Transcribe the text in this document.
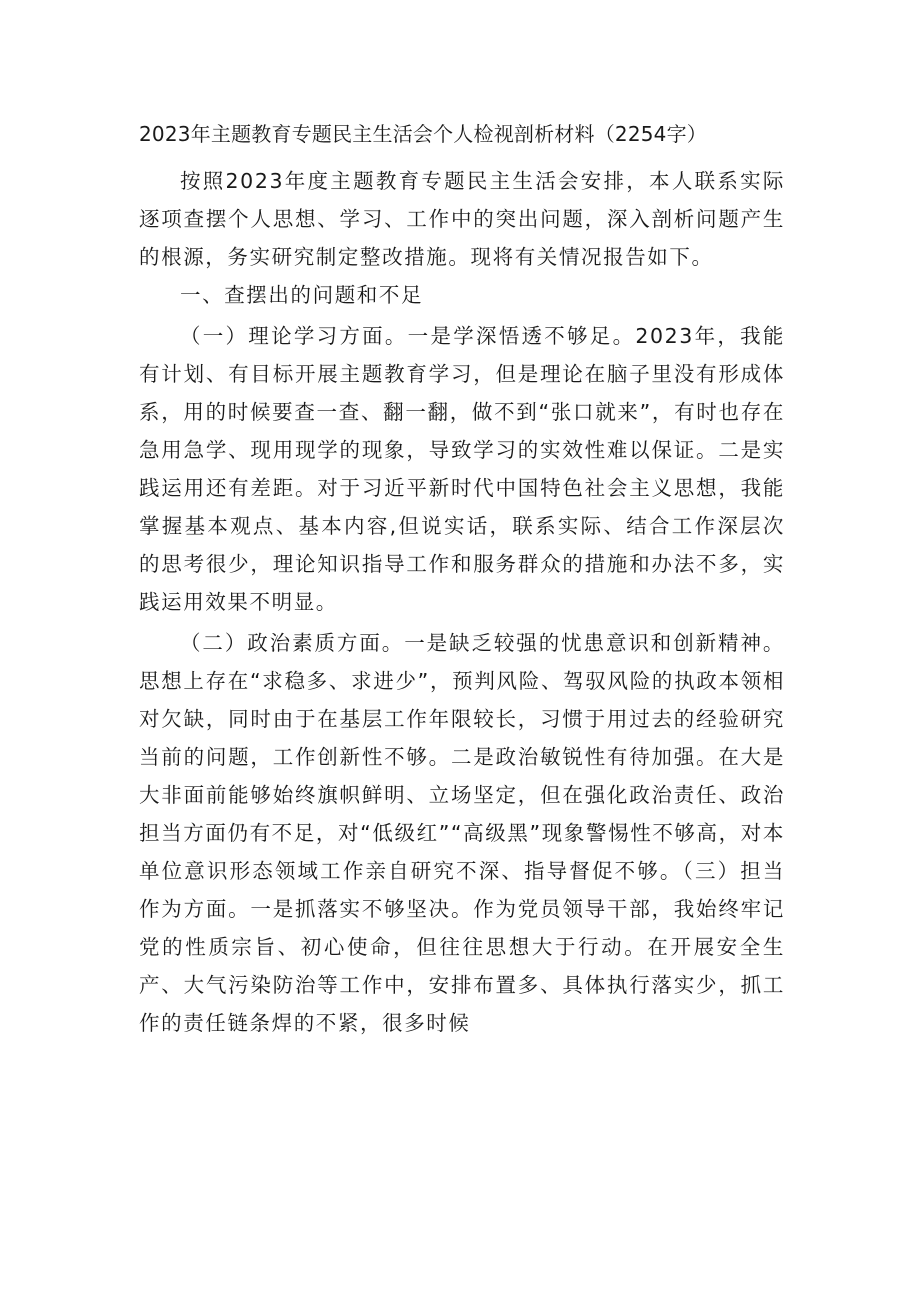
2023年主题教育专题民主生活会个人检视剖析材料（2254字）

按照2023年度主题教育专题民主生活会安排，本人联系实际逐项查摆个人思想、学习、工作中的突出问题，深入剖析问题产生的根源，务实研究制定整改措施。现将有关情况报告如下。

一、查摆出的问题和不足

（一）理论学习方面。一是学深悟透不够足。2023年，我能有计划、有目标开展主题教育学习，但是理论在脑子里没有形成体系，用的时候要查一查、翻一翻，做不到“张口就来”，有时也存在急用急学、现用现学的现象，导致学习的实效性难以保证。二是实践运用还有差距。对于习近平新时代中国特色社会主义思想，我能掌握基本观点、基本内容,但说实话，联系实际、结合工作深层次的思考很少，理论知识指导工作和服务群众的措施和办法不多，实践运用效果不明显。

（二）政治素质方面。一是缺乏较强的忧患意识和创新精神。思想上存在“求稳多、求进少”，预判风险、驾驭风险的执政本领相对欠缺，同时由于在基层工作年限较长，习惯于用过去的经验研究当前的问题，工作创新性不够。二是政治敏锐性有待加强。在大是大非面前能够始终旗帜鲜明、立场坚定，但在强化政治责任、政治担当方面仍有不足，对“低级红”“高级黑”现象警惕性不够高，对本单位意识形态领域工作亲自研究不深、指导督促不够。（三）担当作为方面。一是抓落实不够坚决。作为党员领导干部，我始终牢记党的性质宗旨、初心使命，但往往思想大于行动。在开展安全生产、大气污染防治等工作中，安排布置多、具体执行落实少，抓工作的责任链条焊的不紧，很多时候
